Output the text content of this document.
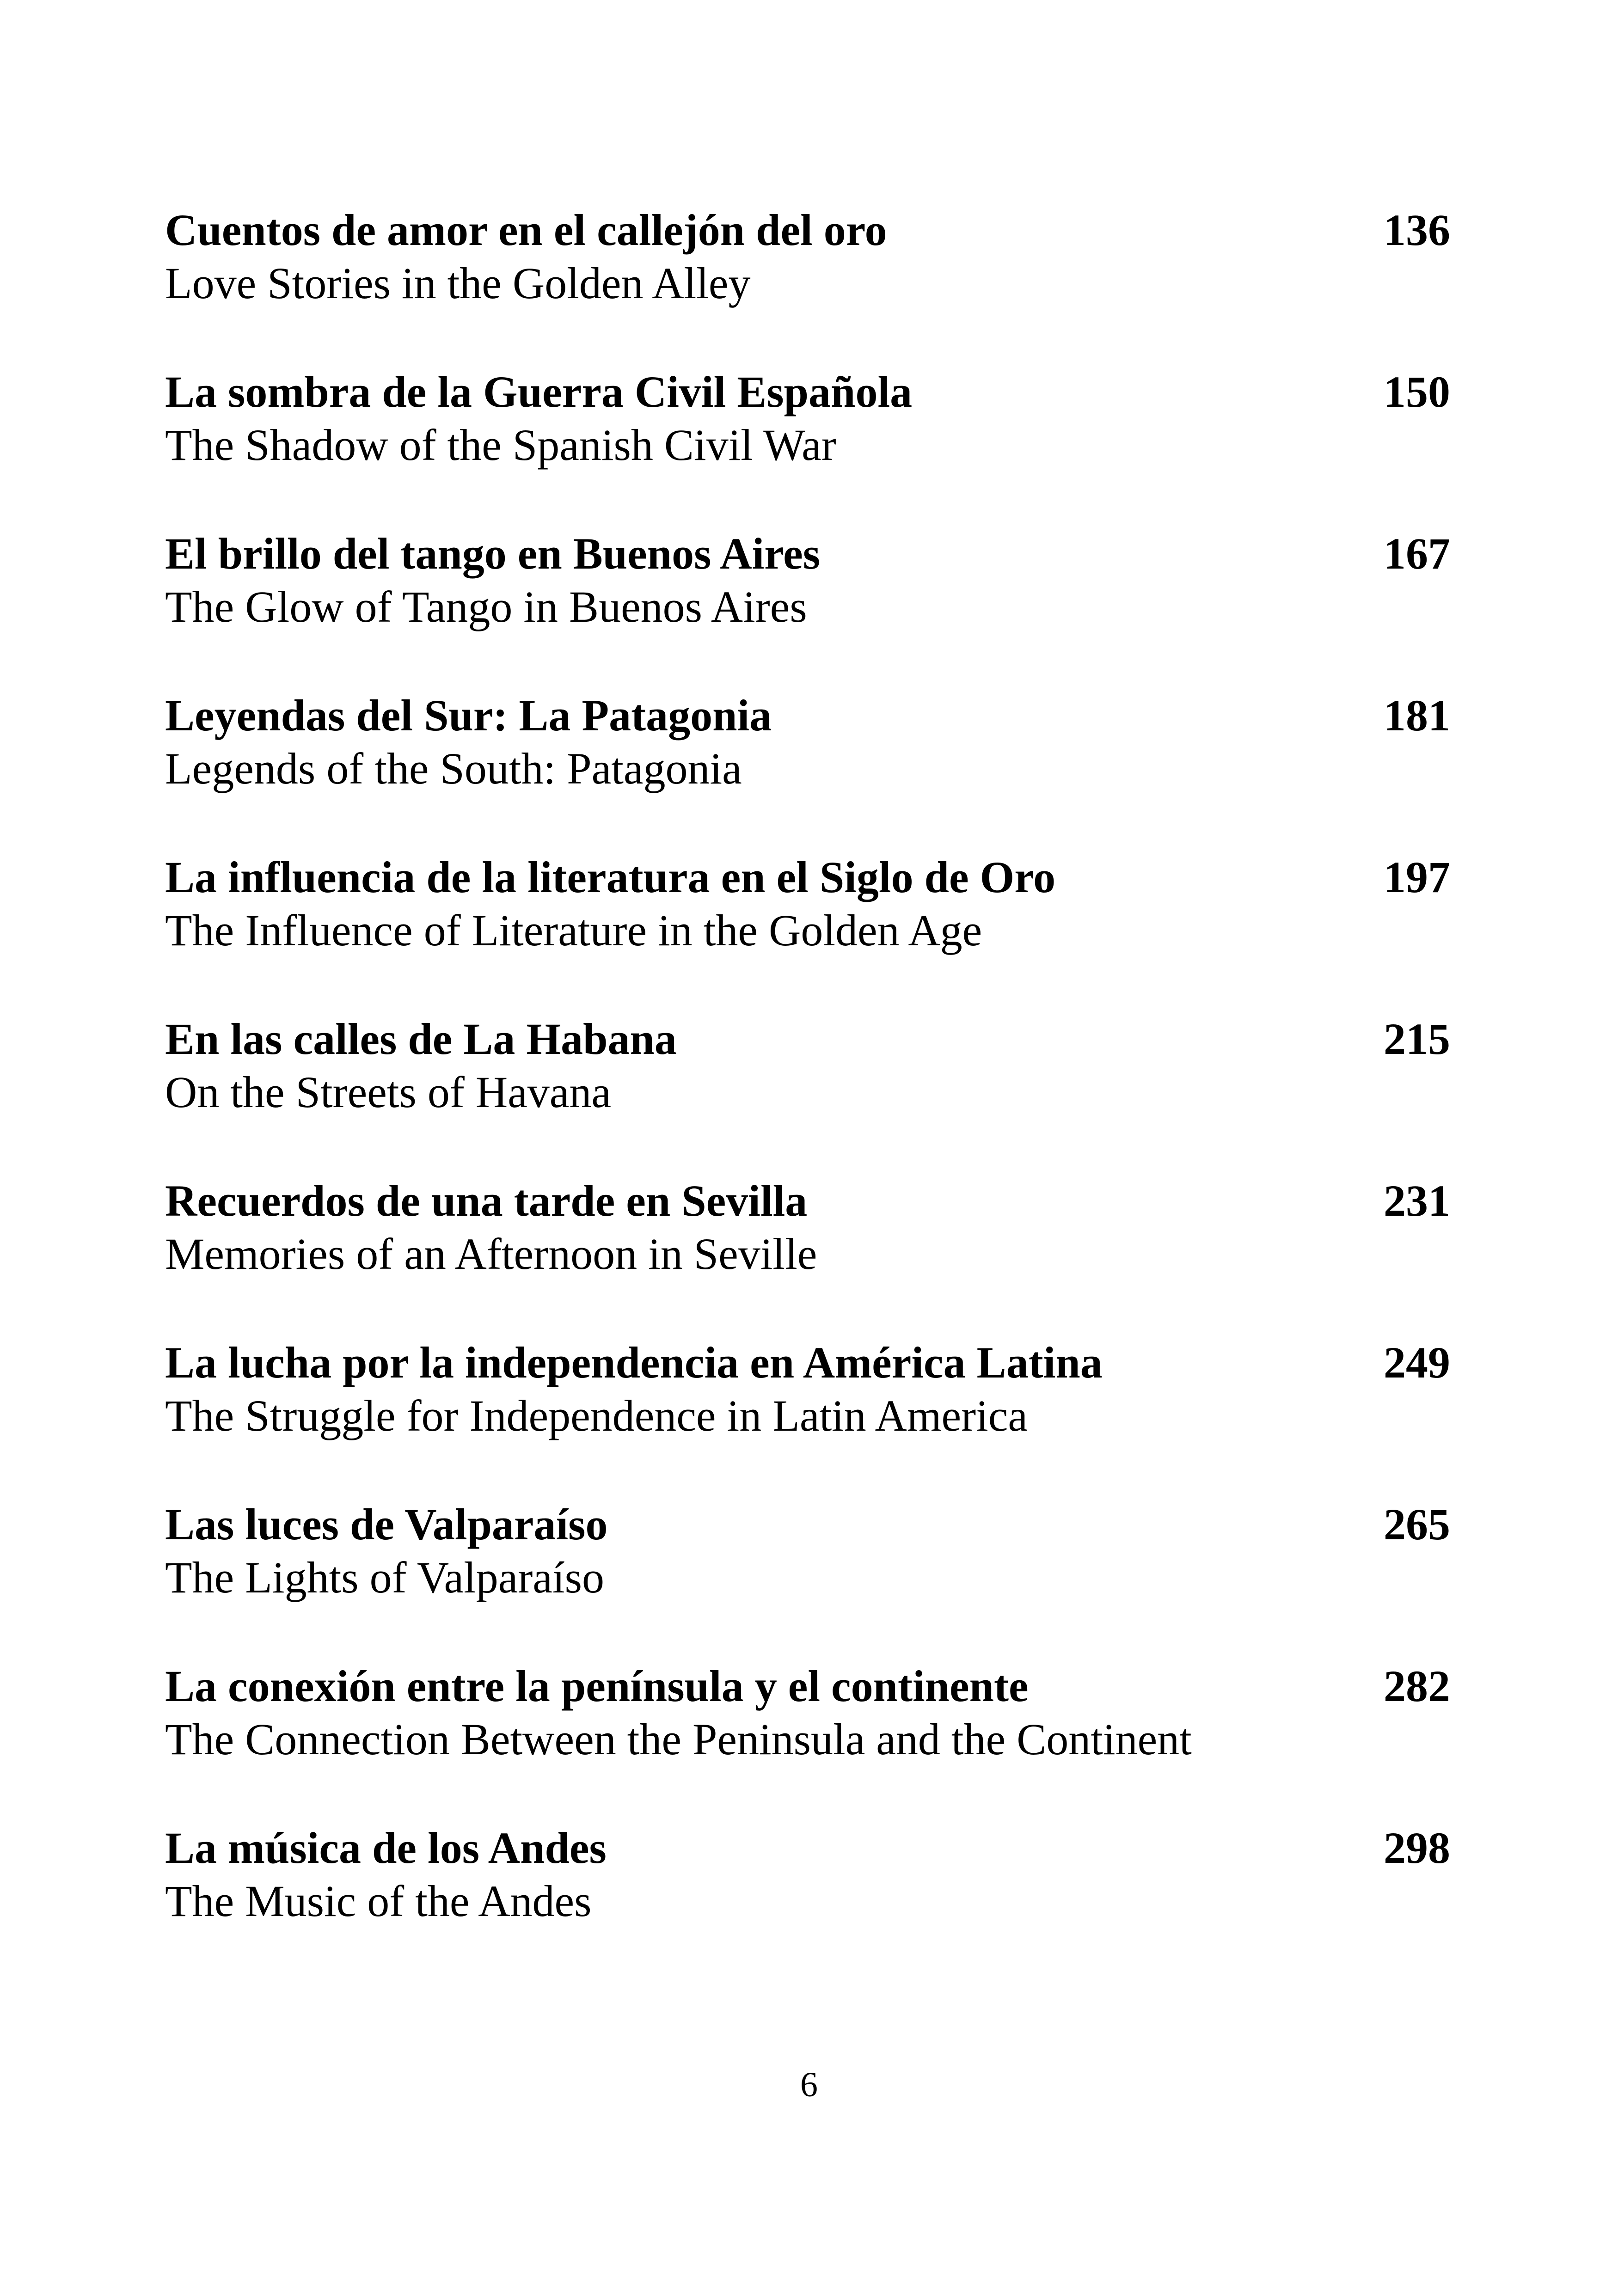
Cuentos de amor en el callejón del oro	136
Love Stories in the Golden Alley
La sombra de la Guerra Civil Española	150
The Shadow of the Spanish Civil War
El brillo del tango en Buenos Aires	167
The Glow of Tango in Buenos Aires
Leyendas del Sur: La Patagonia	181
Legends of the South: Patagonia
La influencia de la literatura en el Siglo de Oro	197
The Influence of Literature in the Golden Age
En las calles de La Habana	215
On the Streets of Havana
Recuerdos de una tarde en Sevilla	231
Memories of an Afternoon in Seville
La lucha por la independencia en América Latina	249
The Struggle for Independence in Latin America
Las luces de Valparaíso	265
The Lights of Valparaíso
La conexión entre la península y el continente	282
The Connection Between the Peninsula and the Continent
La música de los Andes	298
The Music of the Andes
6
